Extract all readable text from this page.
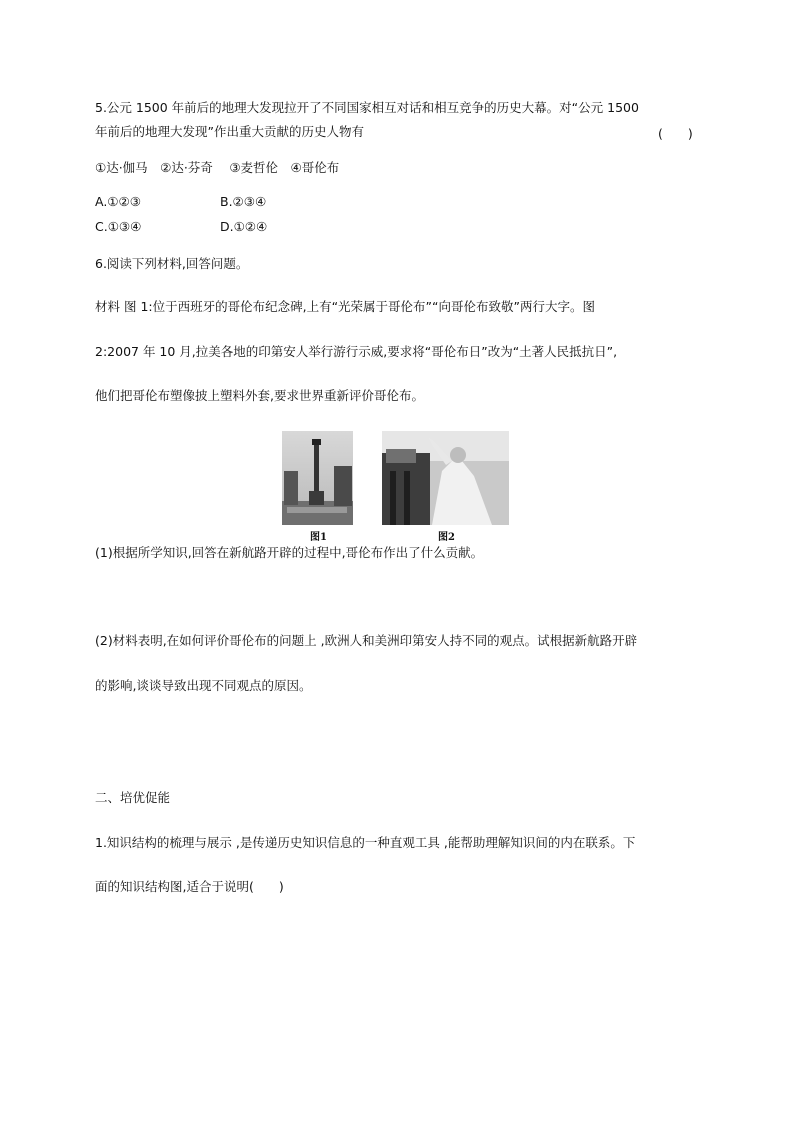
5.公元 1500 年前后的地理大发现拉开了不同国家相互对话和相互竞争的历史大幕。对“公元 1500
年前后的地理大发现”作出重大贡献的历史人物有	(　　)
①达·伽马　②达·芬奇　 ③麦哲伦　④哥伦布
A.①②③	B.②③④
C.①③④	D.①②④
6.阅读下列材料,回答问题。
材料 图 1:位于西班牙的哥伦布纪念碑,上有“光荣属于哥伦布”“向哥伦布致敬”两行大字。图
2:2007 年 10 月,拉美各地的印第安人举行游行示威,要求将“哥伦布日”改为“土著人民抵抗日”,
他们把哥伦布塑像披上塑料外套,要求世界重新评价哥伦布。
图1	图2
(1)根据所学知识,回答在新航路开辟的过程中,哥伦布作出了什么贡献。
(2)材料表明,在如何评价哥伦布的问题上 ,欧洲人和美洲印第安人持不同的观点。试根据新航路开辟
的影响,谈谈导致出现不同观点的原因。
二、培优促能
1.知识结构的梳理与展示 ,是传递历史知识信息的一种直观工具 ,能帮助理解知识间的内在联系。下
面的知识结构图,适合于说明(　　)
